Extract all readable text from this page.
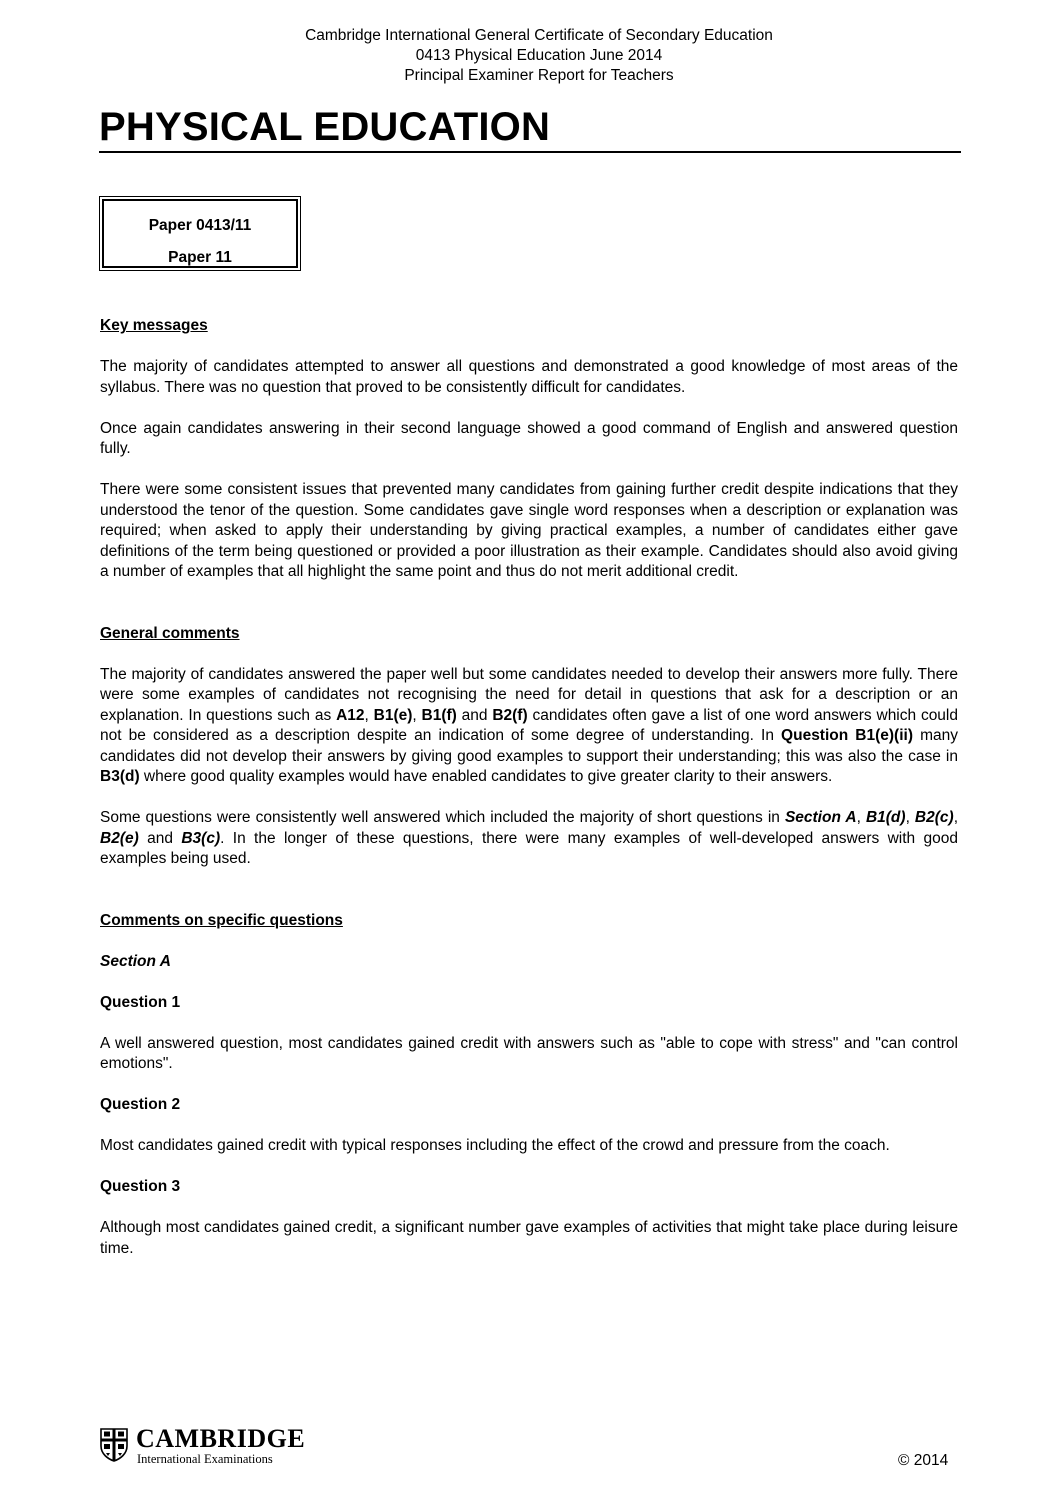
Cambridge International General Certificate of Secondary Education
0413 Physical Education June 2014
Principal Examiner Report for Teachers
PHYSICAL EDUCATION
Paper 0413/11
Paper 11

Key messages

The majority of candidates attempted to answer all questions and demonstrated a good knowledge of most areas of the syllabus. There was no question that proved to be consistently difficult for candidates.

Once again candidates answering in their second language showed a good command of English and answered question fully.

There were some consistent issues that prevented many candidates from gaining further credit despite indications that they understood the tenor of the question. Some candidates gave single word responses when a description or explanation was required; when asked to apply their understanding by giving practical examples, a number of candidates either gave definitions of the term being questioned or provided a poor illustration as their example. Candidates should also avoid giving a number of examples that all highlight the same point and thus do not merit additional credit.

General comments

The majority of candidates answered the paper well but some candidates needed to develop their answers more fully. There were some examples of candidates not recognising the need for detail in questions that ask for a description or an explanation. In questions such as A12, B1(e), B1(f) and B2(f) candidates often gave a list of one word answers which could not be considered as a description despite an indication of some degree of understanding. In Question B1(e)(ii) many candidates did not develop their answers by giving good examples to support their understanding; this was also the case in B3(d) where good quality examples would have enabled candidates to give greater clarity to their answers.

Some questions were consistently well answered which included the majority of short questions in Section A, B1(d), B2(c), B2(e) and B3(c). In the longer of these questions, there were many examples of well-developed answers with good examples being used.

Comments on specific questions

Section A

Question 1

A well answered question, most candidates gained credit with answers such as "able to cope with stress" and "can control emotions".

Question 2

Most candidates gained credit with typical responses including the effect of the crowd and pressure from the coach.

Question 3

Although most candidates gained credit, a significant number gave examples of activities that might take place during leisure time.

CAMBRIDGE
International Examinations	© 2014
